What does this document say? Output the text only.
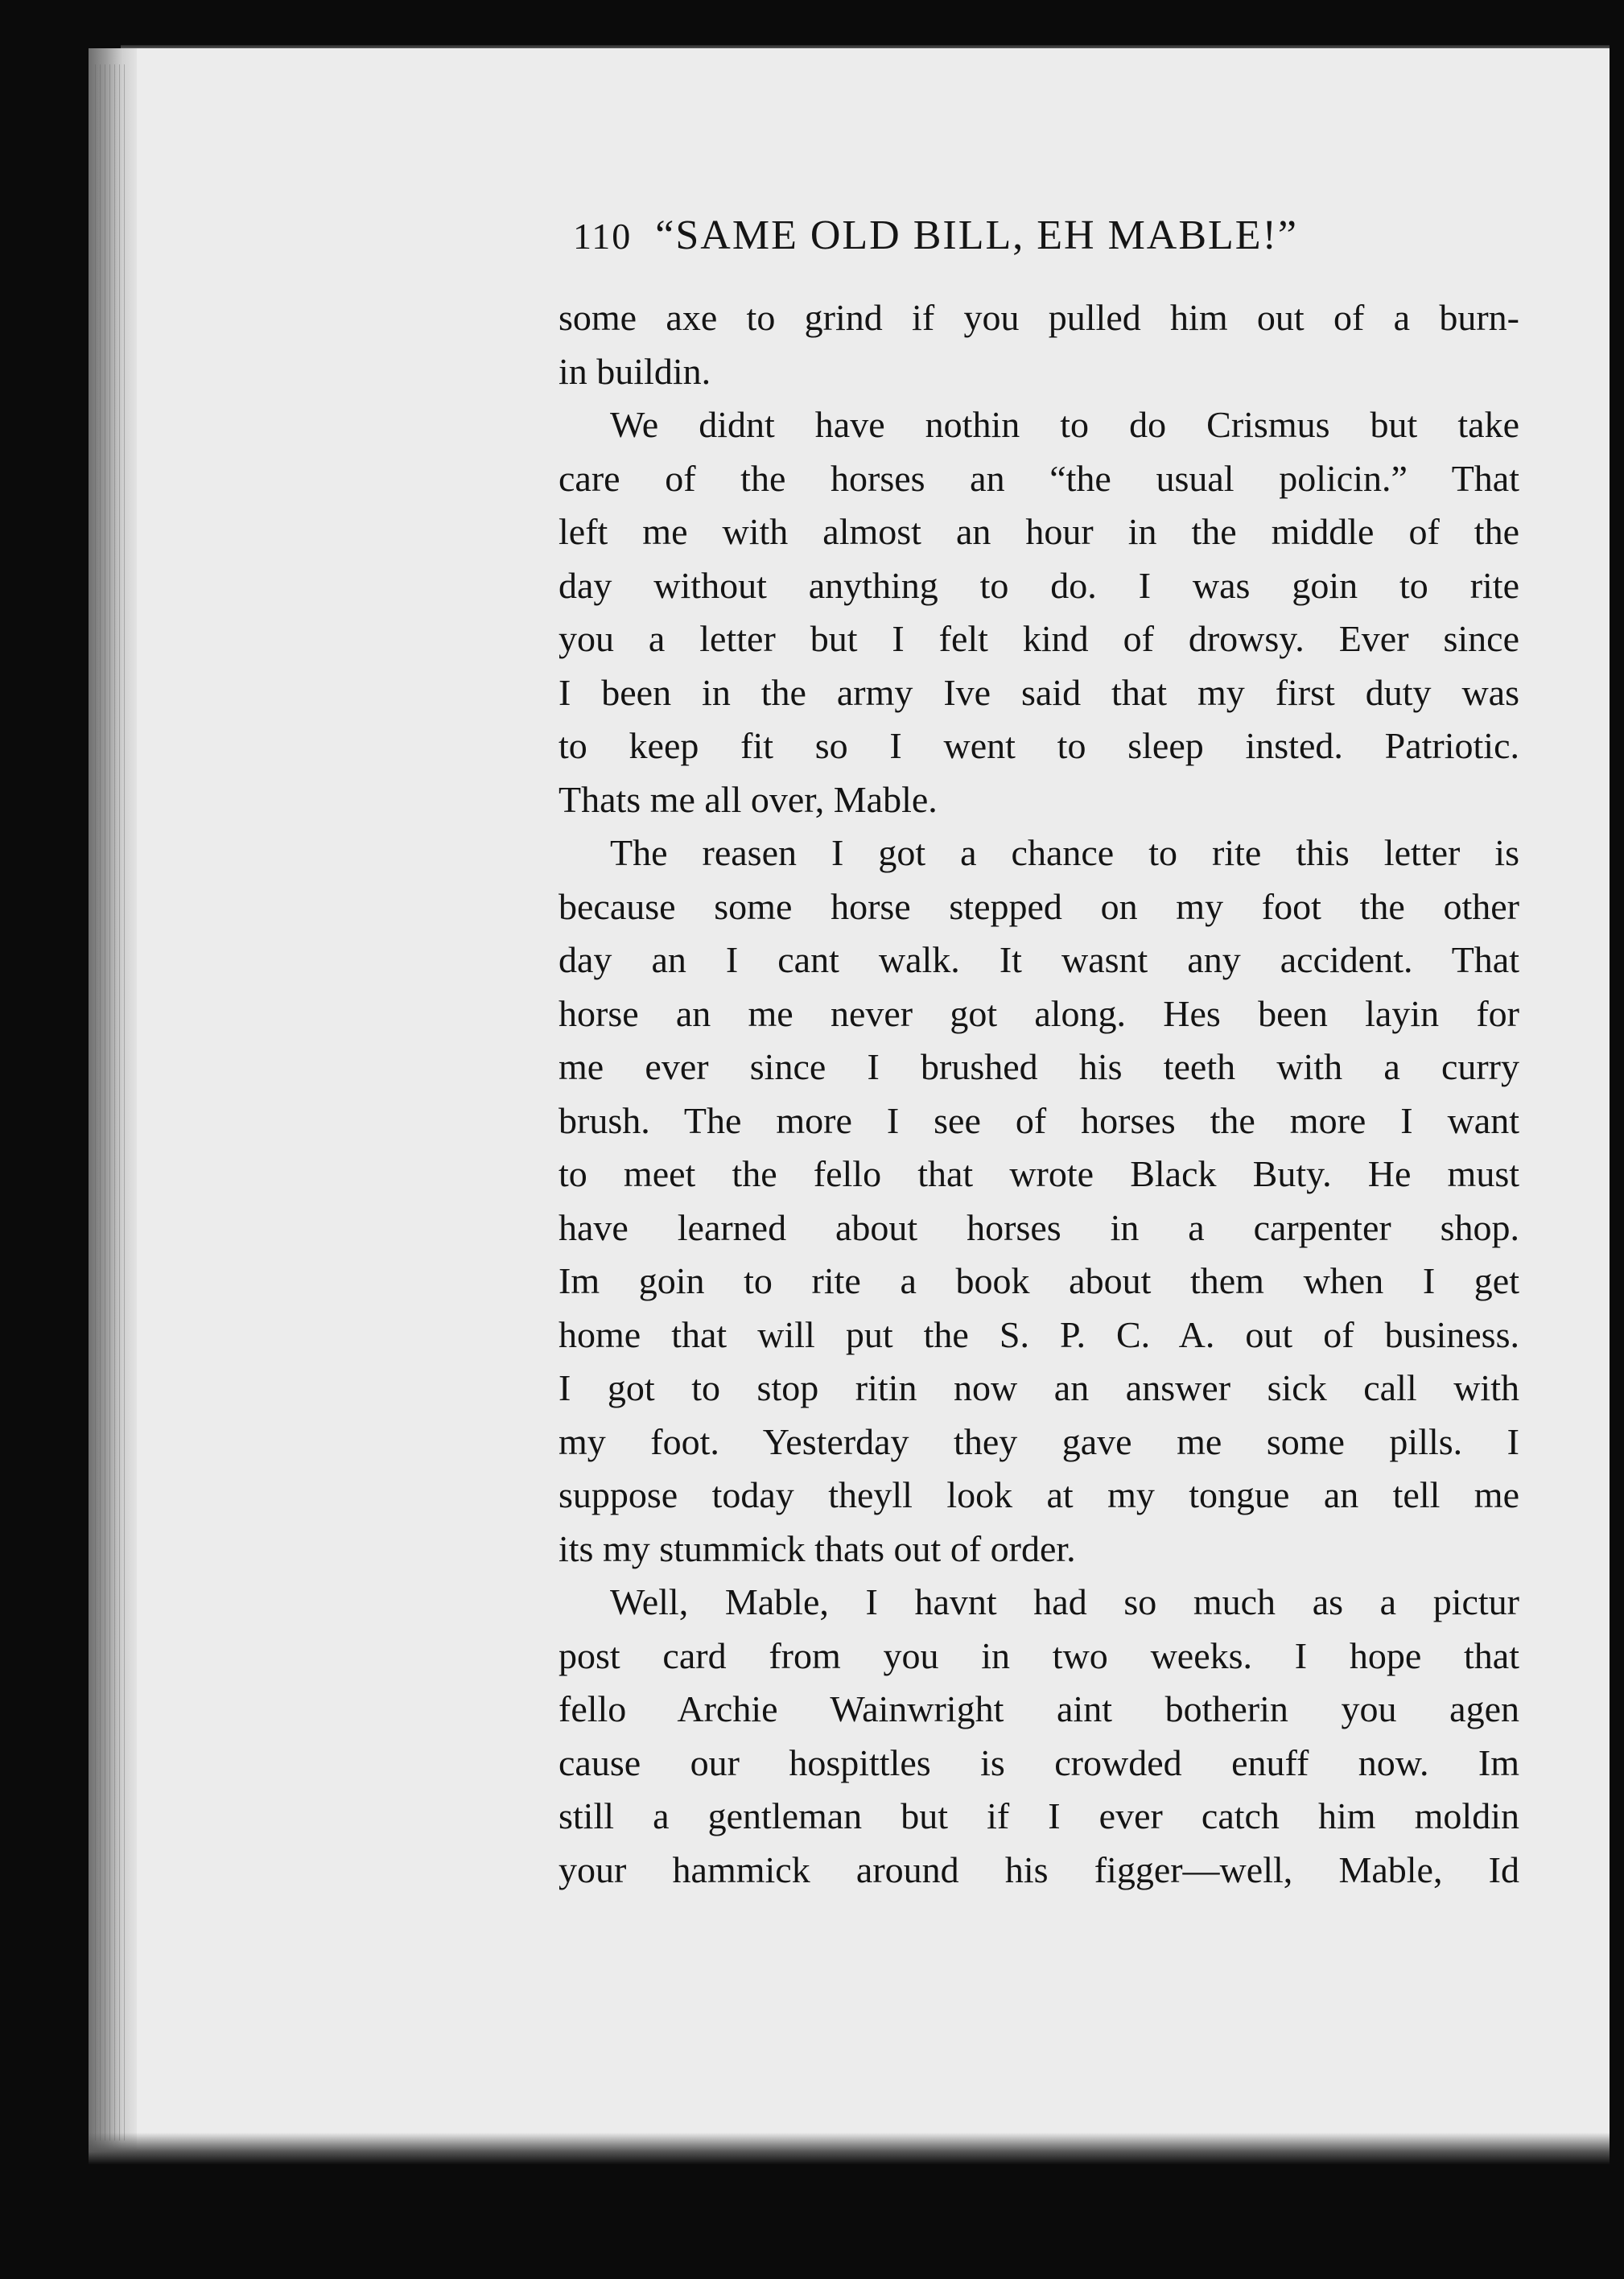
110 “SAME OLD BILL, EH MABLE!”
some axe to grind if you pulled him out of a burn-
in buildin.
We didnt have nothin to do Crismus but take
care of the horses an “the usual policin.” That
left me with almost an hour in the middle of the
day without anything to do. I was goin to rite
you a letter but I felt kind of drowsy. Ever since
I been in the army Ive said that my first duty was
to keep fit so I went to sleep insted. Patriotic.
Thats me all over, Mable.
The reasen I got a chance to rite this letter is
because some horse stepped on my foot the other
day an I cant walk. It wasnt any accident. That
horse an me never got along. Hes been layin for
me ever since I brushed his teeth with a curry
brush. The more I see of horses the more I want
to meet the fello that wrote Black Buty. He must
have learned about horses in a carpenter shop.
Im goin to rite a book about them when I get
home that will put the S. P. C. A. out of business.
I got to stop ritin now an answer sick call with
my foot. Yesterday they gave me some pills. I
suppose today theyll look at my tongue an tell me
its my stummick thats out of order.
Well, Mable, I havnt had so much as a pictur
post card from you in two weeks. I hope that
fello Archie Wainwright aint botherin you agen
cause our hospittles is crowded enuff now. Im
still a gentleman but if I ever catch him moldin
your hammick around his figger—well, Mable, Id
